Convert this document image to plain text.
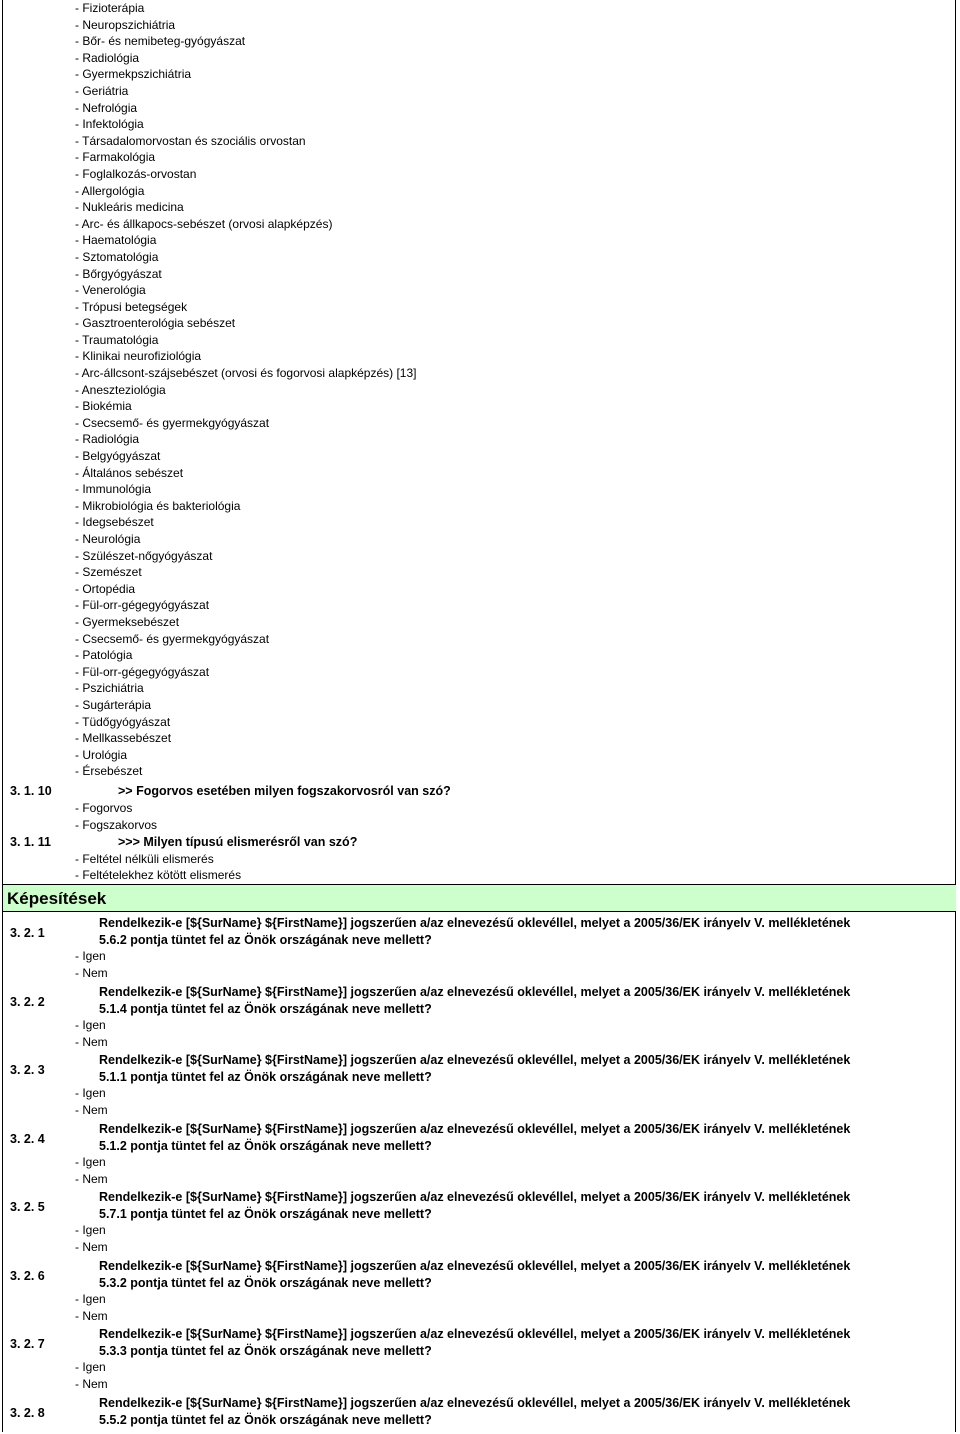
- Fizioterápia
- Neuropszichiátria
- Bőr- és nemibeteg-gyógyászat
- Radiológia
- Gyermekpszichiátria
- Geriátria
- Nefrológia
- Infektológia
- Társadalomorvostan és szociális orvostan
- Farmakológia
- Foglalkozás-orvostan
- Allergológia
- Nukleáris medicina
- Arc- és állkapocs-sebészet (orvosi alapképzés)
- Haematológia
- Sztomatológia
- Bőrgyógyászat
- Venerológia
- Trópusi betegségek
- Gasztroenterológia sebészet
- Traumatológia
- Klinikai neurofiziológia
- Arc-állcsont-szájsebészet (orvosi és fogorvosi alapképzés) [13]
- Aneszteziológia
- Biokémia
- Csecsemő- és gyermekgyógyászat
- Radiológia
- Belgyógyászat
- Általános sebészet
- Immunológia
- Mikrobiológia és bakteriológia
- Idegsebészet
- Neurológia
- Szülészet-nőgyógyászat
- Szemészet
- Ortopédia
- Fül-orr-gégegyógyászat
- Gyermeksebészet
- Csecsemő- és gyermekgyógyászat
- Patológia
- Fül-orr-gégegyógyászat
- Pszichiátria
- Sugárterápia
- Tüdőgyógyászat
- Mellkassebészet
- Urológia
- Érsebészet
3. 1. 10	>> Fogorvos esetében milyen fogszakorvosról van szó?
- Fogorvos
- Fogszakorvos
3. 1. 11	>>> Milyen típusú elismerésről van szó?
- Feltétel nélküli elismerés
- Feltételekhez kötött elismerés
Képesítések
3. 2. 1
Rendelkezik-e [${SurName} ${FirstName}] jogszerűen a/az elnevezésű oklevéllel, melyet a 2005/36/EK irányelv V. mellékletének
5.6.2 pontja tüntet fel az Önök országának neve mellett?
- Igen
- Nem
3. 2. 2
Rendelkezik-e [${SurName} ${FirstName}] jogszerűen a/az elnevezésű oklevéllel, melyet a 2005/36/EK irányelv V. mellékletének
5.1.4 pontja tüntet fel az Önök országának neve mellett?
- Igen
- Nem
3. 2. 3
Rendelkezik-e [${SurName} ${FirstName}] jogszerűen a/az elnevezésű oklevéllel, melyet a 2005/36/EK irányelv V. mellékletének
5.1.1 pontja tüntet fel az Önök országának neve mellett?
- Igen
- Nem
3. 2. 4
Rendelkezik-e [${SurName} ${FirstName}] jogszerűen a/az elnevezésű oklevéllel, melyet a 2005/36/EK irányelv V. mellékletének
5.1.2 pontja tüntet fel az Önök országának neve mellett?
- Igen
- Nem
3. 2. 5
Rendelkezik-e [${SurName} ${FirstName}] jogszerűen a/az elnevezésű oklevéllel, melyet a 2005/36/EK irányelv V. mellékletének
5.7.1 pontja tüntet fel az Önök országának neve mellett?
- Igen
- Nem
3. 2. 6
Rendelkezik-e [${SurName} ${FirstName}] jogszerűen a/az elnevezésű oklevéllel, melyet a 2005/36/EK irányelv V. mellékletének
5.3.2 pontja tüntet fel az Önök országának neve mellett?
- Igen
- Nem
3. 2. 7
Rendelkezik-e [${SurName} ${FirstName}] jogszerűen a/az elnevezésű oklevéllel, melyet a 2005/36/EK irányelv V. mellékletének
5.3.3 pontja tüntet fel az Önök országának neve mellett?
- Igen
- Nem
3. 2. 8
Rendelkezik-e [${SurName} ${FirstName}] jogszerűen a/az elnevezésű oklevéllel, melyet a 2005/36/EK irányelv V. mellékletének
5.5.2 pontja tüntet fel az Önök országának neve mellett?
